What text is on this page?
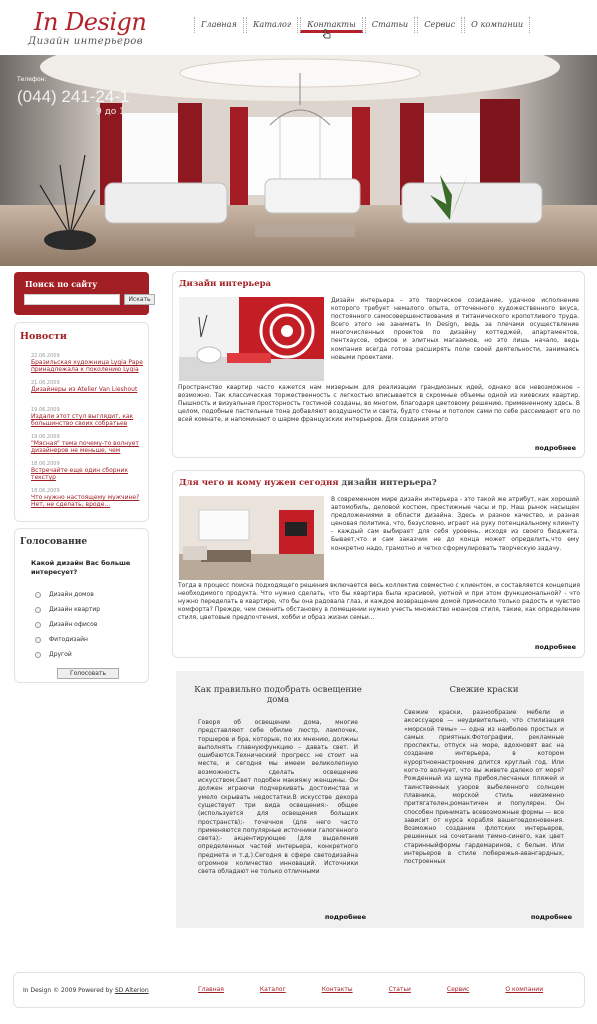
In Design
Дизайн интерьеров
Главная	Каталог	Контакты	Статьи	Сервис	О компании
Телефон:
(044) 241-24-1
9 до 1
Поиск по сайту
Искать
Новости
22.06.2009
Бразильская художница Lygia Pape принадлежала к поколению Lygia
21.06.2009
Дизайнеры из Atelier Van Lieshout
19.06.2009
Издали этот стул выглядит, как большинство своих собратьев
19.06.2009
"Мясная" тема почему-то волнует дизайнеров не меньше, чем
18.06.2009
Встречайте еще один сборник текстур
18.06.2009
Что нужно настоящему мужчине? Нет, не сделать, вроде...
Голосование
Какой дизайн Вас больше интересует?
Дизайн домов
Дизайн квартир
Дизайн офисов
Фитодизайн
Другой
Голосовать
Дизайн интерьера
Дизайн интерьера – это творческое созидание, удачное исполнение которого требует немалого опыта, отточенного художественного вкуса, постоянного самосовершенствования и титанического кропотливого труда. Всего этого не занимать In Design, ведь за плечами осуществление многочисленных проектов по дизайну коттеджей, апартаментов, пентхаусов, офисов и элитных магазинов, но это лишь начало, ведь компания всегда готова расширять поле своей деятельности, занимаясь новыми проектами.
Пространство квартир часто кажется нам мизерным для реализации грандиозных идей, однако все невозможное – возможно. Так классическая торжественность с легкостью вписывается в скромные объемы одной из киевских квартир. Пышность и визуальная просторность гостиной созданы, во многом, благодаря цветовому решению, примененному здесь. В целом, подобные пастельные тона добавляют воздушности и света, будто стены и потолок сами по себе рассеивают его по всей комнате, и напоминают о шарме французских интерьеров. Для создания этого
подробнее
Для чего и кому нужен сегодня дизайн интерьера?
В современном мире дизайн интерьера - это такой же атрибут, как хороший автомобиль, деловой костюм, престижные часы и пр. Наш рынок насыщен предложениями в области дизайна. Здесь и разное качество, и разная ценовая политика, что, безусловно, играет на руку потенциальному клиенту - каждый сам выбирает для себя уровень, исходя из своего бюджета. Бывает,что и сам заказчик не до конца может определить,что ему конкретно надо, грамотно и четко сформулировать творческую задачу.
Тогда в процесс поиска подходящего решения включается весь коллектив совместно с клиентом, и составляется концепция необходимого продукта. Что нужно сделать, что бы квартира была красивой, уютной и при этом функциональной? - что нужно переделать в квартире, что бы она радовала глаз, и каждое возвращение домой приносило только радость и чувство комфорта? Прежде, чем сменить обстановку в помещении нужно учесть множество нюансов стиля, такие, как определение стиля, цветовые предпочтения, хобби и образ жизни семьи...
подробнее
Как правильно подобрать освещение дома
Говоря об освещении дома, многие представляют себе обилие люстр, лампочек, торшеров и бра, которые, по их мнению, должны выполнять главнуюфункцию – давать свет. И ошибаются.Технический прогресс не стоит на месте, и сегодня мы имеем великолепную возможность сделать освещение искусством.Свет подобен макияжу женщины. Он должен играючи подчеркивать достоинства и умело скрывать недостатки.В искусстве декора существует три вида освещения:- общее (используется для освещения больших пространств);- точечное (для него часто применяются популярные источники галогенного света);- акцентирующее (для выделения определенных частей интерьера, конкретного предмета и т.д.).Сегодня в сфере светодизайна огромное количество инноваций. Источники света обладают не только отличными
подробнее
Свежие краски
Свежие краски, разнообразие мебели и аксессуаров — неудивительно, что стилизация «морской темы» — одна из наиболее простых и самых приятных.Фотографии, рекламные проспекты, отпуск на море, вдохновят вас на создание интерьера, в котором курортноенастроение длится круглый год. Или кого-то волнует, что вы живете далеко от моря?Рожденный из шума прибоя,песчаных пляжей и таинственных узоров выбеленного солнцем плавника, морской стиль неизменно притягателен,романтичен и популярен. Он способен принимать всевозможные формы — все зависит от курса корабля вашеговдохновения. Возможно создание флотских интерьеров, решенных на сочетании темно-синего, как цвет старинныйформы гардемаринов, с белым. Или интерьеров в стиле побережья-авангардных, построенных
подробнее
In Design © 2009 Powered by SD Alterion	Главная	Каталог	Контакты	Статьи	Сервис	О компании
